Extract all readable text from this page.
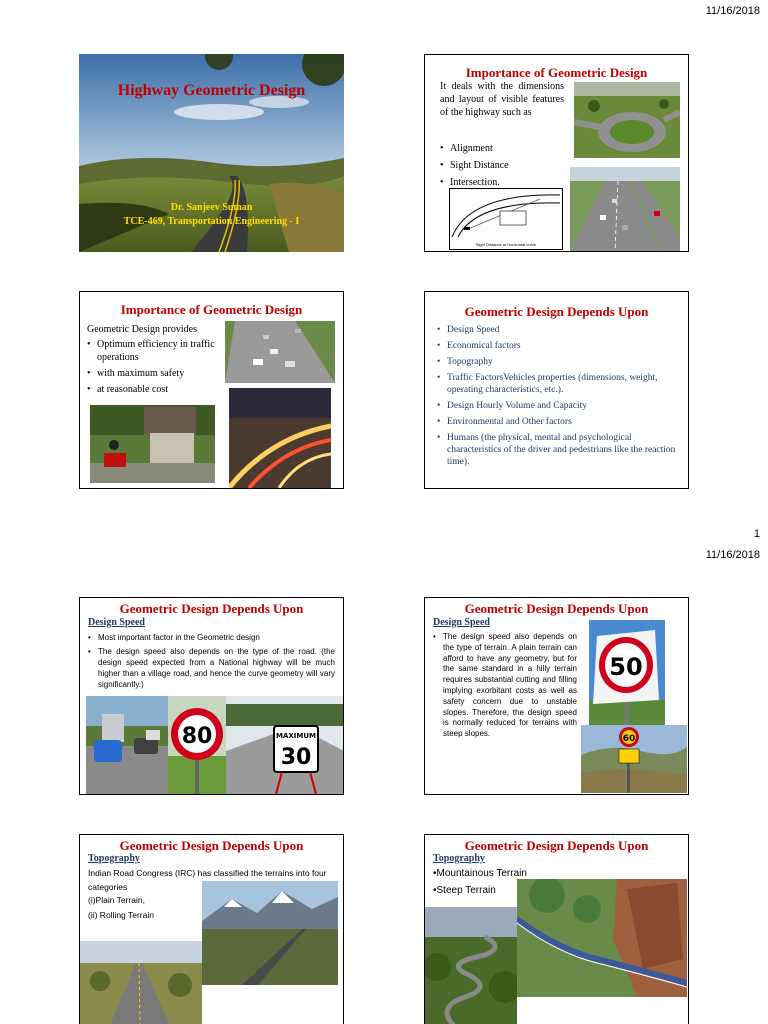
11/16/2018
Highway Geometric Design
Dr. Sanjeev Suman
TCE-469, Transportation Engineering - I
Importance of Geometric Design
It deals with the dimensions and layout of visible features of the highway such as
• Alignment
• Sight Distance
• Intersection.
Sight Distance at Horizontal curve
Importance of Geometric Design
Geometric Design provides
• Optimum efficiency in traffic operations
• with maximum safety
• at reasonable cost
Geometric Design Depends Upon
• Design Speed
• Economical factors
• Topography
• Traffic FactorsVehicles properties (dimensions, weight, operating characteristics, etc.).
• Design Hourly Volume and Capacity
• Environmental and Other factors
• Humans (the physical, mental and psychological characteristics of the driver and pedestrians like the reaction time).
1
11/16/2018
Geometric Design Depends Upon
Design Speed
• Most important factor in the Geometric design
• The design speed also depends on the type of the road. (the design speed expected from a National highway will be much higher than a village road, and hence the curve geometry will vary significantly.)
80	MAXIMUM
30
Geometric Design Depends Upon
Design Speed
• The design speed also depends on the type of terrain. A plain terrain can afford to have any geometry, but for the same standard in a hilly terrain requires substantial cutting and filling implying exorbitant costs as well as safety concern due to unstable slopes. Therefore, the design speed is normally reduced for terrains with steep slopes.
50
60
Geometric Design Depends Upon
Topography
Indian Road Congress (IRC) has classified the terrains into four categories
(i)Plain Terrain,
(ii) Rolling Terrain
Geometric Design Depends Upon
Topography
•Mountainous Terrain
•Steep Terrain
